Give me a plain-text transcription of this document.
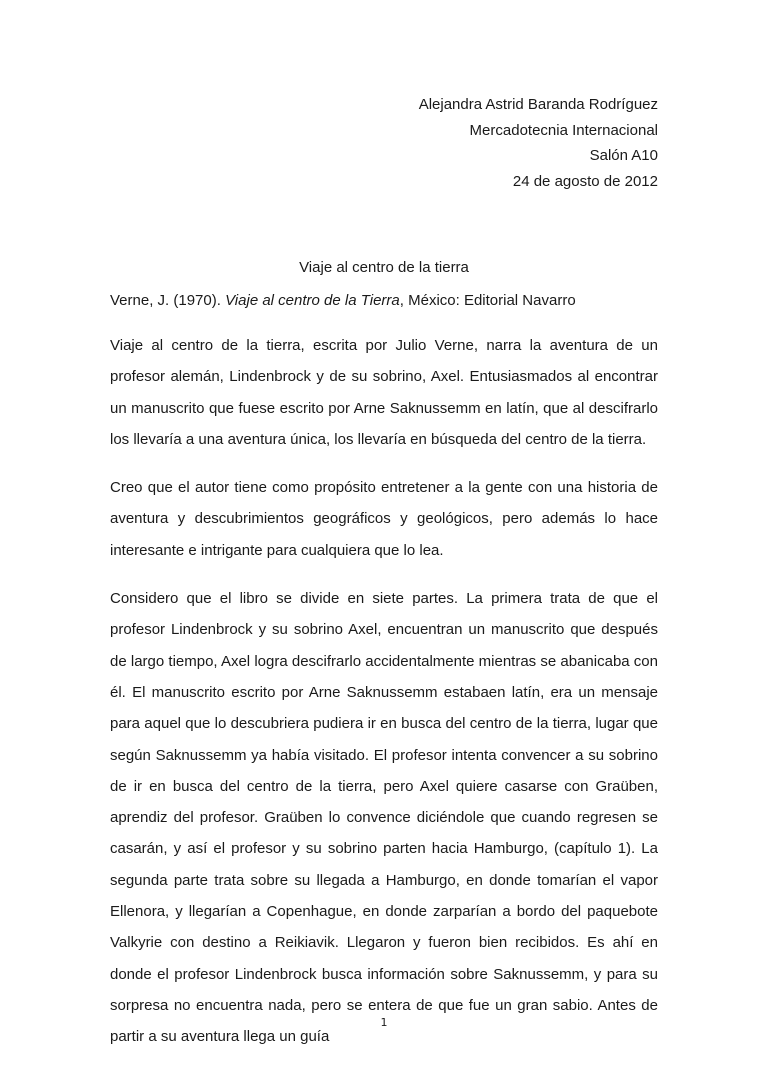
Alejandra Astrid Baranda Rodríguez
Mercadotecnia Internacional
Salón A10
24 de agosto de 2012
Viaje al centro de la tierra

Verne, J. (1970). Viaje al centro de la Tierra, México: Editorial Navarro

Viaje al centro de la tierra, escrita por Julio Verne, narra la aventura de un profesor alemán, Lindenbrock y de su sobrino, Axel. Entusiasmados al encontrar un manuscrito que fuese escrito por Arne Saknussemm en latín, que al descifrarlo los llevaría a una aventura única, los llevaría en búsqueda del centro de la tierra.

Creo que el autor tiene como propósito entretener a la gente con una historia de aventura y descubrimientos geográficos y geológicos, pero además lo hace interesante e intrigante para cualquiera que lo lea.

Considero que el libro se divide en siete partes. La primera trata de que el profesor Lindenbrock y su sobrino Axel, encuentran un manuscrito que después de largo tiempo, Axel logra descifrarlo accidentalmente mientras se abanicaba con él. El manuscrito escrito por Arne Saknussemm estabaen latín, era un mensaje para aquel que lo descubriera pudiera ir en busca del centro de la tierra, lugar que según Saknussemm ya había visitado. El profesor intenta convencer a su sobrino de ir en busca del centro de la tierra, pero Axel quiere casarse con Graüben, aprendiz del profesor. Graüben lo convence diciéndole que cuando regresen se casarán, y así el profesor y su sobrino parten hacia Hamburgo, (capítulo 1). La segunda parte trata sobre su llegada a Hamburgo, en donde tomarían el vapor Ellenora, y llegarían a Copenhague, en donde zarparían a bordo del paquebote Valkyrie con destino a Reikiavik. Llegaron y fueron bien recibidos. Es ahí en donde el profesor Lindenbrock busca información sobre Saknussemm, y para su sorpresa no encuentra nada, pero se entera de que fue un gran sabio. Antes de partir a su aventura llega un guía

1
